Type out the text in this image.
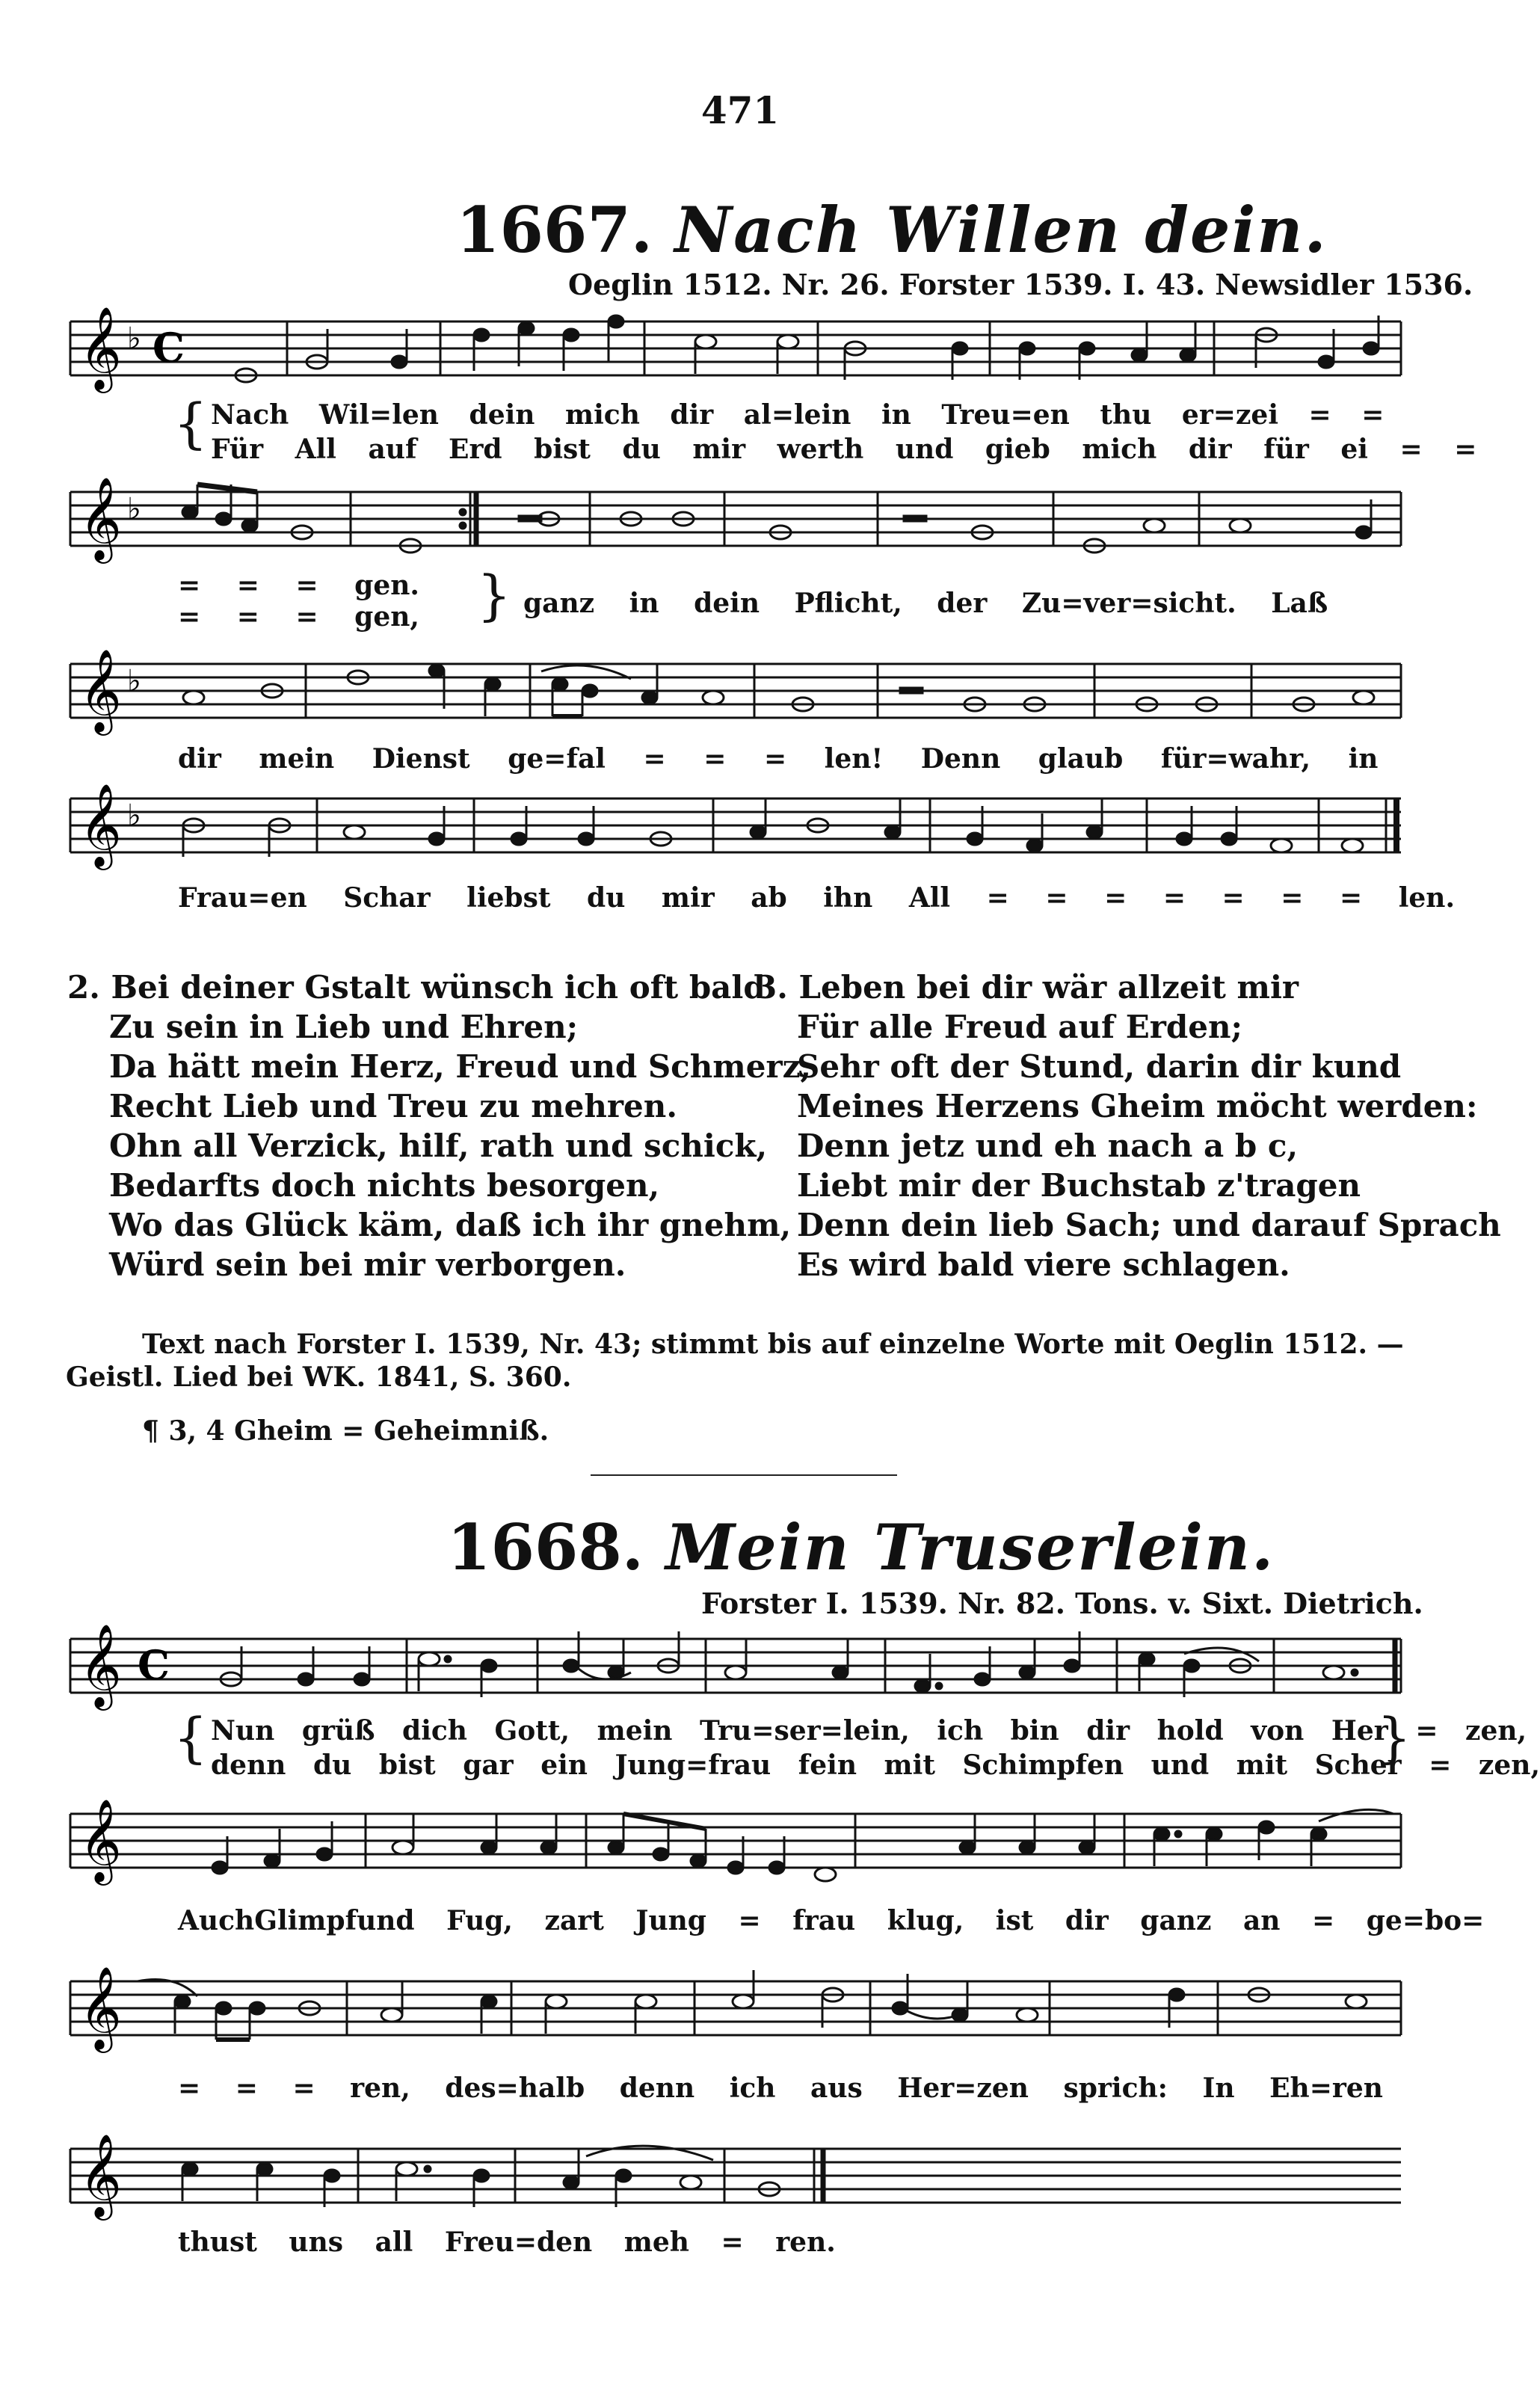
471
1667. Nach Willen dein.
Oeglin 1512. Nr. 26. Forster 1539. I. 43. Newsidler 1536.
𝄞 ♭ C
{ Nach Wil=len dein mich dir al=lein in Treu=en thu er=zei = =
Für All auf Erd bist du mir werth und gieb mich dir für ei = =
𝄞 ♭
= = = gen.
= = = gen, } ganz in dein Pflicht, der Zu=ver=sicht. Laß
𝄞 ♭
dir mein Dienst ge=fal = = = len! Denn glaub für=wahr, in
𝄞 ♭
Frau=en Schar liebst du mir ab ihn All = = = = = = = len.
2. Bei deiner Gstalt wünsch ich oft bald
Zu sein in Lieb und Ehren;
Da hätt mein Herz, Freud und Schmerz,
Recht Lieb und Treu zu mehren.
Ohn all Verzick, hilf, rath und schick,
Bedarfts doch nichts besorgen,
Wo das Glück käm, daß ich ihr gnehm,
Würd sein bei mir verborgen.
3. Leben bei dir wär allzeit mir
Für alle Freud auf Erden;
Sehr oft der Stund, darin dir kund
Meines Herzens Gheim möcht werden:
Denn jetz und eh nach a b c,
Liebt mir der Buchstab z'tragen
Denn dein lieb Sach; und darauf Sprach
Es wird bald viere schlagen.
Text nach Forster I. 1539, Nr. 43; stimmt bis auf einzelne Worte mit Oeglin 1512. —
Geistl. Lied bei WK. 1841, S. 360.
¶ 3, 4 Gheim = Geheimniß.
1668. Mein Truserlein.
Forster I. 1539. Nr. 82. Tons. v. Sixt. Dietrich.
𝄞 C
{ Nun grüß dich Gott, mein Tru=ser=lein, ich bin dir hold von Her = zen,
denn du bist gar ein Jung=frau fein mit Schimpfen und mit Scher = zen,
}
𝄞
AuchGlimpfund Fug, zart Jung = frau klug, ist dir ganz an = ge=bo=
𝄞
= = = ren, des=halb denn ich aus Her=zen sprich: In Eh=ren
𝄞
thust uns all Freu=den meh = ren.
